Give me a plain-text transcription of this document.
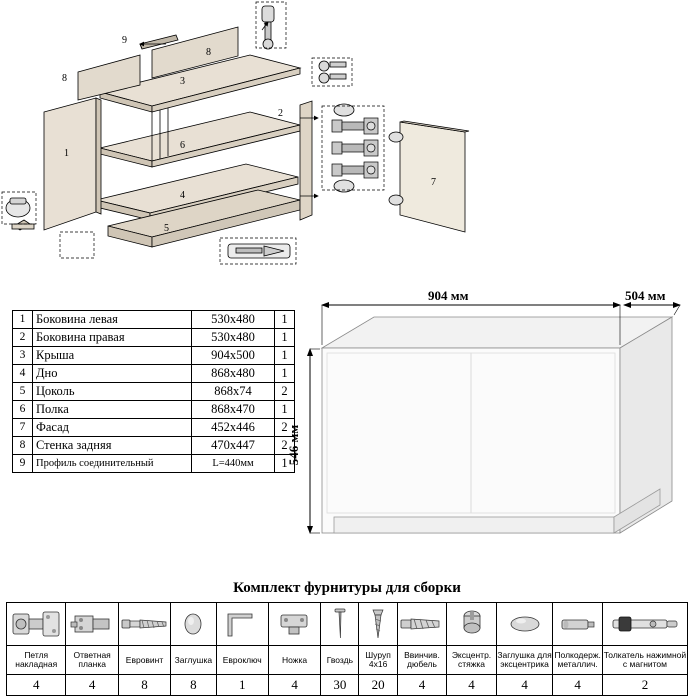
8
8
9
3
6
4
5
1
2
7
1	Боковина левая	530х480	1
2	Боковина правая	530х480	1
3	Крыша	904х500	1
4	Дно	868х480	1
5	Цоколь	868х74	2
6	Полка	868х470	1
7	Фасад	452х446	2
8	Стенка задняя	470х447	2
9	Профиль соединительный	L=440мм	1
904 мм	504 мм
546 мм
Комплект фурнитуры для сборки

Петля накладная	Ответная планка	Евровинт	Заглушка	Евроключ	Ножка	Гвоздь	Шуруп 4х16	Ввинчив. дюбель	Эксцентр. стяжка	Заглушка для эксцентрика	Полкодерж. металлич.	Толкатель нажимной с магнитом
4	4	8	8	1	4	30	20	4	4	4	4	2
